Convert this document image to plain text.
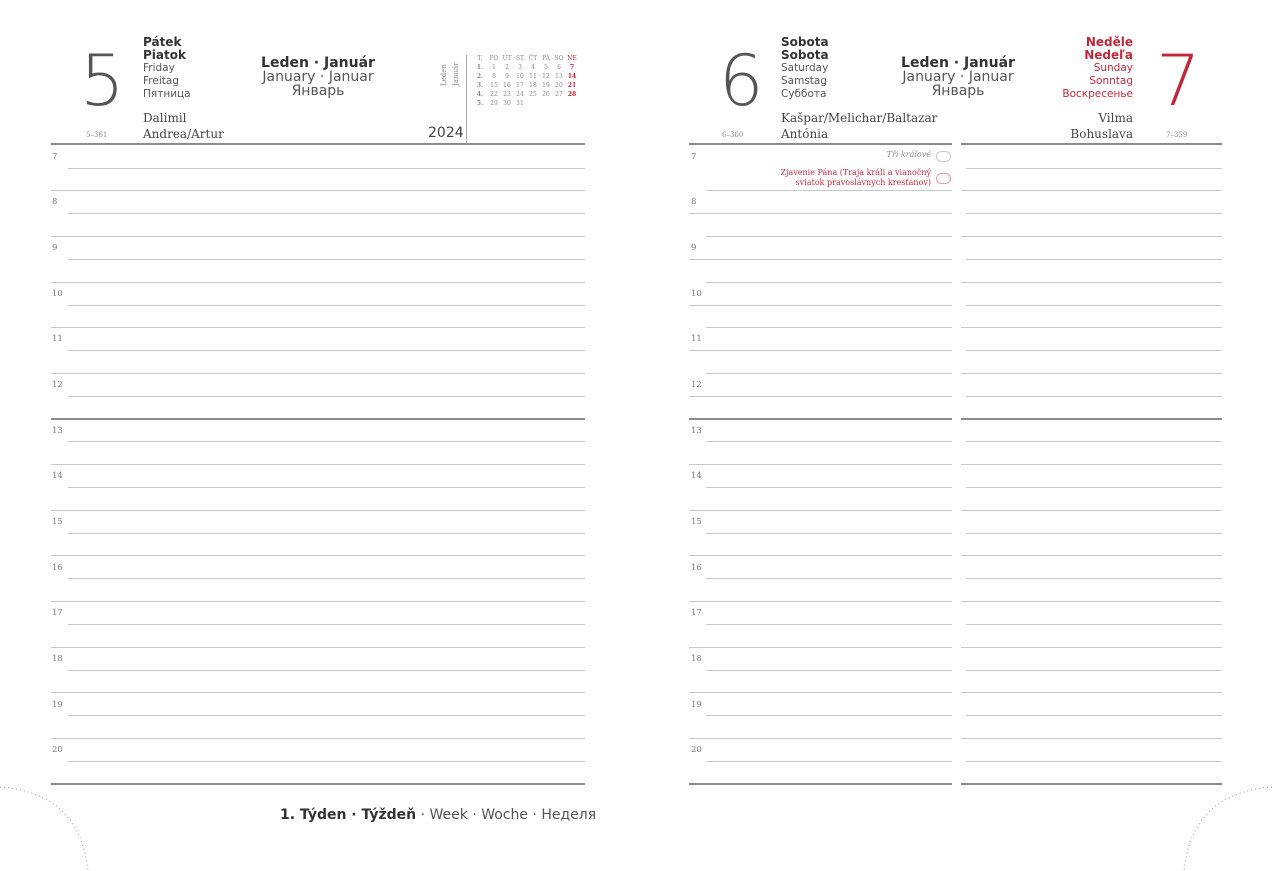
5 Pátek
Piatok
Friday
Freitag
Пятница
Dalimil
Andrea/Artur
5–361
Leden · Január
January · Januar
Январь
2024
Leden Január
T.	PO ÚT ST ČT PÁ SO NE
1.	1	2	3	4	5	6	7
2.	8	9	10 11 12 13 14
3.	15 16 17 18 19 20 21
4.	22 23 24 25 26 27 28
5.	29 30 31
7
8
9
10
11
12
13
14
15
16
17
18
19
20
1. Týden · Týždeň · Week · Woche · Неделя
6 Sobota
Sobota
Saturday
Samstag
Суббота
Kašpar/Melichar/Baltazar
Antónia
6–360
Leden · Január
January · Januar
Январь
Neděle
Nedeľa
Sunday
Sonntag
Воскресенье 7
Vilma
Bohuslava	7–359
Tři králové
Zjavenie Pána (Traja králi a vianočný
sviatok pravoslávnych kresťanov)
7
8
9
10
11
12
13
14
15
16
17
18
19
20
